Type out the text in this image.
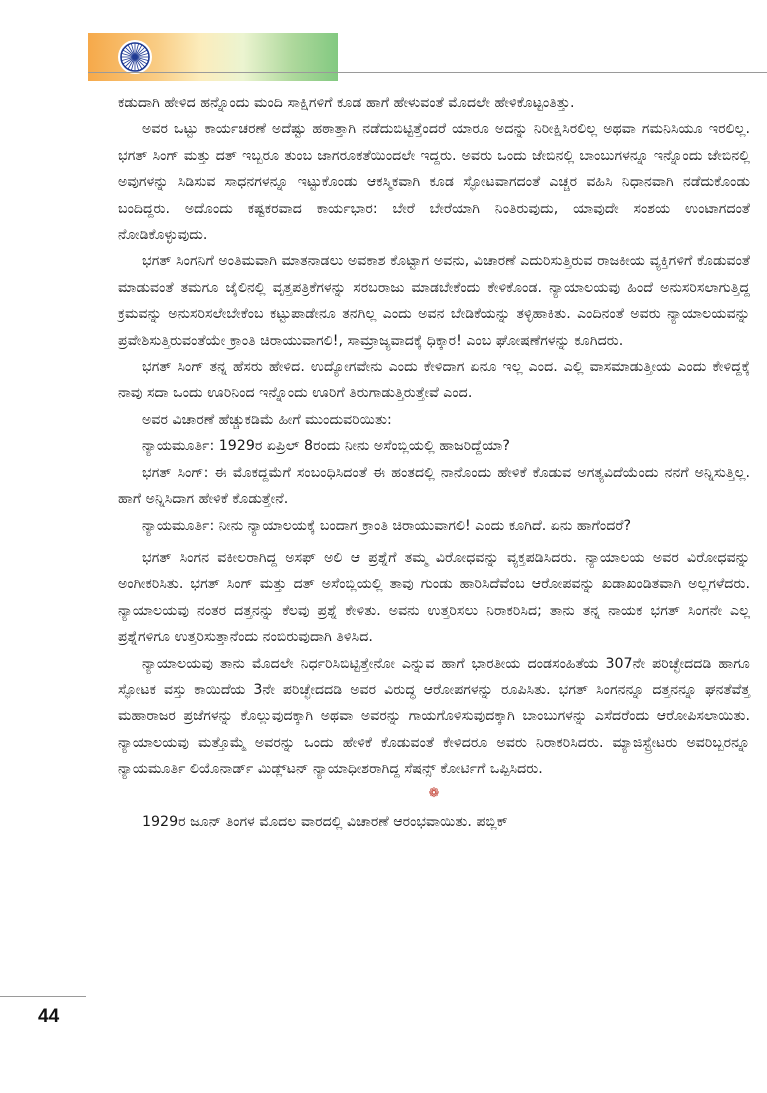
ಕಡುದಾಗಿ ಹೇಳಿದ ಹನ್ನೊಂದು ಮಂದಿ ಸಾಕ್ಷಿಗಳಿಗೆ ಕೂಡ ಹಾಗೆ ಹೇಳುವಂತೆ ಮೊದಲೇ ಹೇಳಿಕೊಟ್ಟಂತಿತ್ತು.

ಅವರ ಒಟ್ಟು ಕಾರ್ಯಚರಣೆ ಅದೆಷ್ಟು ಹಠಾತ್ತಾಗಿ ನಡೆದುಬಿಟ್ಟಿತ್ತೆಂದರೆ ಯಾರೂ ಅದನ್ನು ನಿರೀಕ್ಷಿಸಿರಲಿಲ್ಲ ಅಥವಾ ಗಮನಿಸಿಯೂ ಇರಲಿಲ್ಲ. ಭಗತ್ ಸಿಂಗ್ ಮತ್ತು ದತ್ ಇಬ್ಬರೂ ತುಂಬ ಜಾಗರೂಕತೆಯಿಂದಲೇ ಇದ್ದರು. ಅವರು ಒಂದು ಜೇಬಿನಲ್ಲಿ ಬಾಂಬುಗಳನ್ನೂ ಇನ್ನೊಂದು ಜೇಬಿನಲ್ಲಿ ಅವುಗಳನ್ನು ಸಿಡಿಸುವ ಸಾಧನಗಳನ್ನೂ ಇಟ್ಟುಕೊಂಡು ಆಕಸ್ಮಿಕವಾಗಿ ಕೂಡ ಸ್ಫೋಟವಾಗದಂತೆ ಎಚ್ಚರ ವಹಿಸಿ ನಿಧಾನವಾಗಿ ನಡೆದುಕೊಂಡು ಬಂದಿದ್ದರು. ಅದೊಂದು ಕಷ್ಟಕರವಾದ ಕಾರ್ಯಭಾರ: ಬೇರೆ ಬೇರೆಯಾಗಿ ನಿಂತಿರುವುದು, ಯಾವುದೇ ಸಂಶಯ ಉಂಟಾಗದಂತೆ ನೋಡಿಕೊಳ್ಳುವುದು.

ಭಗತ್ ಸಿಂಗನಿಗೆ ಅಂತಿಮವಾಗಿ ಮಾತನಾಡಲು ಅವಕಾಶ ಕೊಟ್ಟಾಗ ಅವನು, ವಿಚಾರಣೆ ಎದುರಿಸುತ್ತಿರುವ ರಾಜಕೀಯ ವ್ಯಕ್ತಿಗಳಿಗೆ ಕೊಡುವಂತೆ ಮಾಡುವಂತೆ ತಮಗೂ ಜೈಲಿನಲ್ಲಿ ವೃತ್ತಪತ್ರಿಕೆಗಳನ್ನು ಸರಬರಾಜು ಮಾಡಬೇಕೆಂದು ಕೇಳಿಕೊಂಡ. ನ್ಯಾಯಾಲಯವು ಹಿಂದೆ ಅನುಸರಿಸಲಾಗುತ್ತಿದ್ದ ಕ್ರಮವನ್ನು ಅನುಸರಿಸಲೇಬೇಕೆಂಬ ಕಟ್ಟುಪಾಡೇನೂ ತನಗಿಲ್ಲ ಎಂದು ಅವನ ಬೇಡಿಕೆಯನ್ನು ತಳ್ಳಿಹಾಕಿತು. ಎಂದಿನಂತೆ ಅವರು ನ್ಯಾಯಾಲಯವನ್ನು ಪ್ರವೇಶಿಸುತ್ತಿರುವಂತೆಯೇ ಕ್ರಾಂತಿ ಚಿರಾಯುವಾಗಲಿ!, ಸಾಮ್ರಾಜ್ಯವಾದಕ್ಕೆ ಧಿಕ್ಕಾರ! ಎಂಬ ಘೋಷಣೆಗಳನ್ನು ಕೂಗಿದರು.

ಭಗತ್ ಸಿಂಗ್ ತನ್ನ ಹೆಸರು ಹೇಳಿದ. ಉದ್ಯೋಗವೇನು ಎಂದು ಕೇಳಿದಾಗ ಏನೂ ಇಲ್ಲ ಎಂದ. ಎಲ್ಲಿ ವಾಸಮಾಡುತ್ತೀಯ ಎಂದು ಕೇಳಿದ್ದಕ್ಕೆ ನಾವು ಸದಾ ಒಂದು ಊರಿನಿಂದ ಇನ್ನೊಂದು ಊರಿಗೆ ತಿರುಗಾಡುತ್ತಿರುತ್ತೇವೆ ಎಂದ.

ಅವರ ವಿಚಾರಣೆ ಹೆಚ್ಚುಕಡಿಮೆ ಹೀಗೆ ಮುಂದುವರಿಯಿತು:

ನ್ಯಾಯಮೂರ್ತಿ: 1929ರ ಏಪ್ರಿಲ್ 8ರಂದು ನೀನು ಅಸೆಂಬ್ಲಿಯಲ್ಲಿ ಹಾಜರಿದ್ದೆಯಾ?

ಭಗತ್ ಸಿಂಗ್: ಈ ಮೊಕದ್ದಮೆಗೆ ಸಂಬಂಧಿಸಿದಂತೆ ಈ ಹಂತದಲ್ಲಿ ನಾನೊಂದು ಹೇಳಿಕೆ ಕೊಡುವ ಅಗತ್ಯವಿದೆಯೆಂದು ನನಗೆ ಅನ್ನಿಸುತ್ತಿಲ್ಲ. ಹಾಗೆ ಅನ್ನಿಸಿದಾಗ ಹೇಳಿಕೆ ಕೊಡುತ್ತೇನೆ.

ನ್ಯಾಯಮೂರ್ತಿ: ನೀನು ನ್ಯಾಯಾಲಯಕ್ಕೆ ಬಂದಾಗ ಕ್ರಾಂತಿ ಚಿರಾಯುವಾಗಲಿ! ಎಂದು ಕೂಗಿದೆ. ಏನು ಹಾಗೆಂದರೆ?

ಭಗತ್ ಸಿಂಗನ ವಕೀಲರಾಗಿದ್ದ ಅಸಫ್ ಅಲಿ ಆ ಪ್ರಶ್ನೆಗೆ ತಮ್ಮ ವಿರೋಧವನ್ನು ವ್ಯಕ್ತಪಡಿಸಿದರು. ನ್ಯಾಯಾಲಯ ಅವರ ವಿರೋಧವನ್ನು ಅಂಗೀಕರಿಸಿತು. ಭಗತ್ ಸಿಂಗ್ ಮತ್ತು ದತ್ ಅಸೆಂಬ್ಲಿಯಲ್ಲಿ ತಾವು ಗುಂಡು ಹಾರಿಸಿದೆವೆಂಬ ಆರೋಪವನ್ನು ಖಡಾಖಂಡಿತವಾಗಿ ಅಲ್ಲಗಳೆದರು. ನ್ಯಾಯಾಲಯವು ನಂತರ ದತ್ತನನ್ನು ಕೆಲವು ಪ್ರಶ್ನೆ ಕೇಳಿತು. ಅವನು ಉತ್ತರಿಸಲು ನಿರಾಕರಿಸಿದ; ತಾನು ತನ್ನ ನಾಯಕ ಭಗತ್ ಸಿಂಗನೇ ಎಲ್ಲ ಪ್ರಶ್ನೆಗಳಿಗೂ ಉತ್ತರಿಸುತ್ತಾನೆಂದು ನಂಬಿರುವುದಾಗಿ ತಿಳಿಸಿದ.

ನ್ಯಾಯಾಲಯವು ತಾನು ಮೊದಲೇ ನಿರ್ಧರಿಸಿಬಿಟ್ಟಿತ್ತೇನೋ ಎನ್ನುವ ಹಾಗೆ ಭಾರತೀಯ ದಂಡಸಂಹಿತೆಯ 307ನೇ ಪರಿಚ್ಛೇದದಡಿ ಹಾಗೂ ಸ್ಫೋಟಕ ವಸ್ತು ಕಾಯಿದೆಯ 3ನೇ ಪರಿಚ್ಛೇದದಡಿ ಅವರ ವಿರುದ್ಧ ಆರೋಪಗಳನ್ನು ರೂಪಿಸಿತು. ಭಗತ್ ಸಿಂಗನನ್ನೂ ದತ್ತನನ್ನೂ ಘನತೆವೆತ್ತ ಮಹಾರಾಜರ ಪ್ರಜೆಗಳನ್ನು ಕೊಲ್ಲುವುದಕ್ಕಾಗಿ ಅಥವಾ ಅವರನ್ನು ಗಾಯಗೊಳಿಸುವುದಕ್ಕಾಗಿ ಬಾಂಬುಗಳನ್ನು ಎಸೆದರೆಂದು ಆರೋಪಿಸಲಾಯಿತು. ನ್ಯಾಯಾಲಯವು ಮತ್ತೊಮ್ಮೆ ಅವರನ್ನು ಒಂದು ಹೇಳಿಕೆ ಕೊಡುವಂತೆ ಕೇಳಿದರೂ ಅವರು ನಿರಾಕರಿಸಿದರು. ಮ್ಯಾಜಿಸ್ಟ್ರೇಟರು ಅವರಿಬ್ಬರನ್ನೂ ನ್ಯಾಯಮೂರ್ತಿ ಲಿಯೊನಾರ್ಡ್ ಮಿಡ್ಲ್‌ಟನ್ ನ್ಯಾಯಾಧೀಶರಾಗಿದ್ದ ಸೆಷನ್ಸ್ ಕೋರ್ಟಿಗೆ ಒಪ್ಪಿಸಿದರು.

❁

1929ರ ಜೂನ್ ತಿಂಗಳ ಮೊದಲ ವಾರದಲ್ಲಿ ವಿಚಾರಣೆ ಆರಂಭವಾಯಿತು. ಪಬ್ಲಿಕ್

44
